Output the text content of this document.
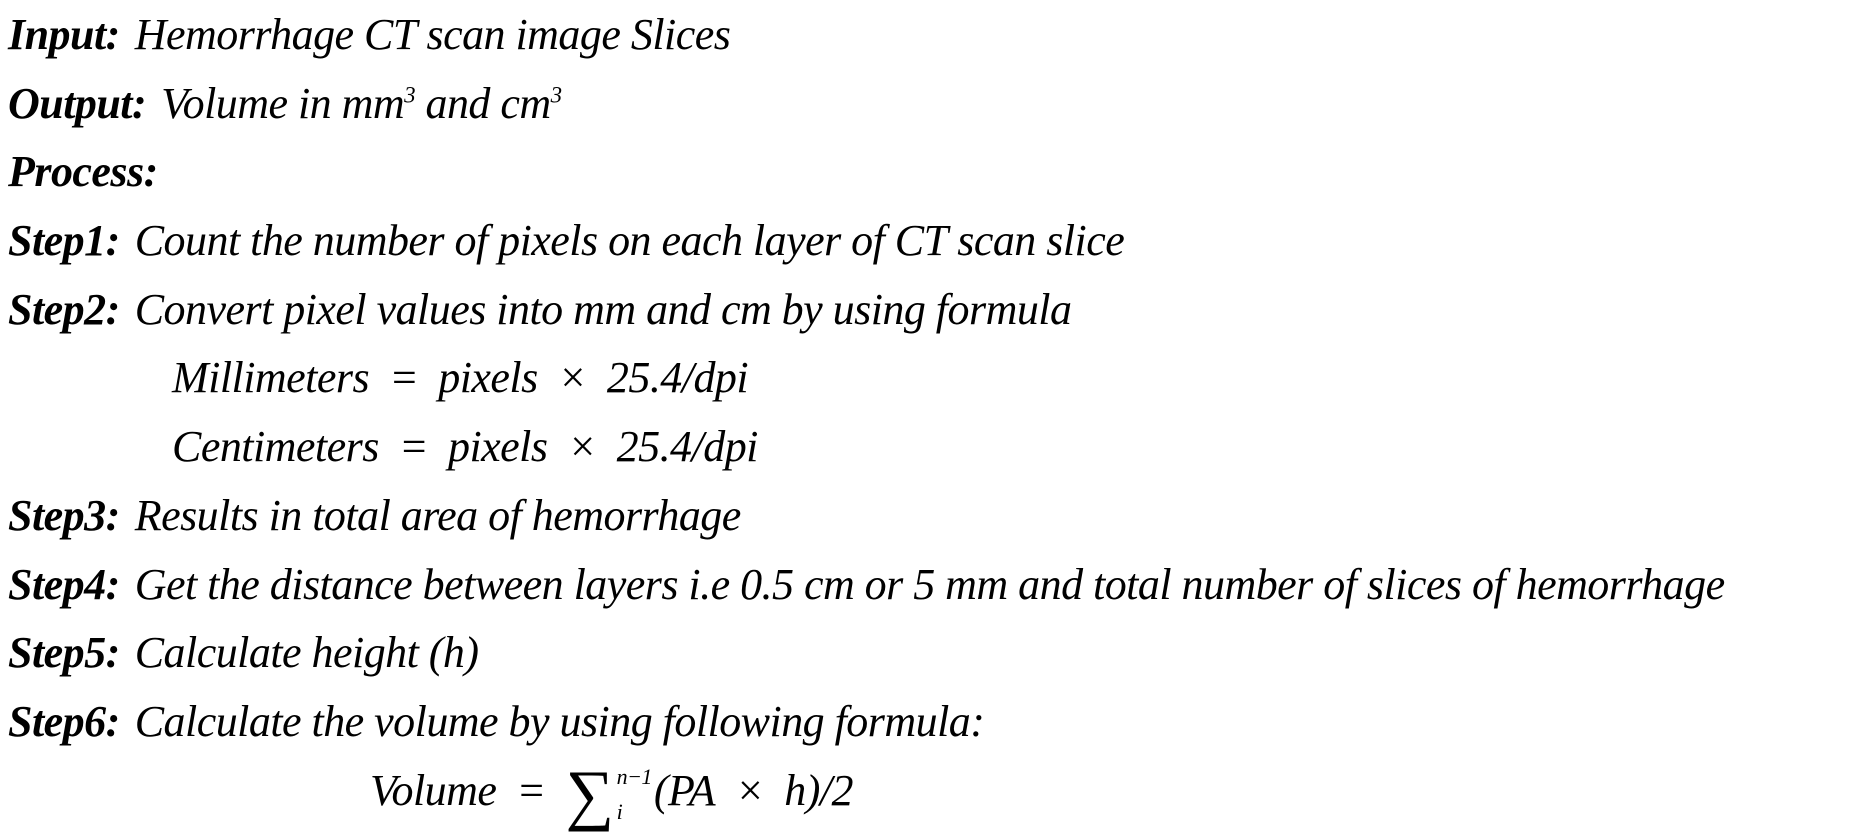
Input: Hemorrhage CT scan image Slices
Output: Volume in $mm^3$ and $cm^3$
Process:
Step1: Count the number of pixels on each layer of CT scan slice
Step2: Convert pixel values into mm and cm by using formula
Millimeters = pixels × 25.4/dpi
Centimeters = pixels × 25.4/dpi
Step3: Results in total area of hemorrhage
Step4: Get the distance between layers i.e 0.5 cm or 5 mm and total number of slices of hemorrhage
Step5: Calculate height (h)
Step6: Calculate the volume by using following formula:
Volume = ∑ n−1
i (PA × h)/2
